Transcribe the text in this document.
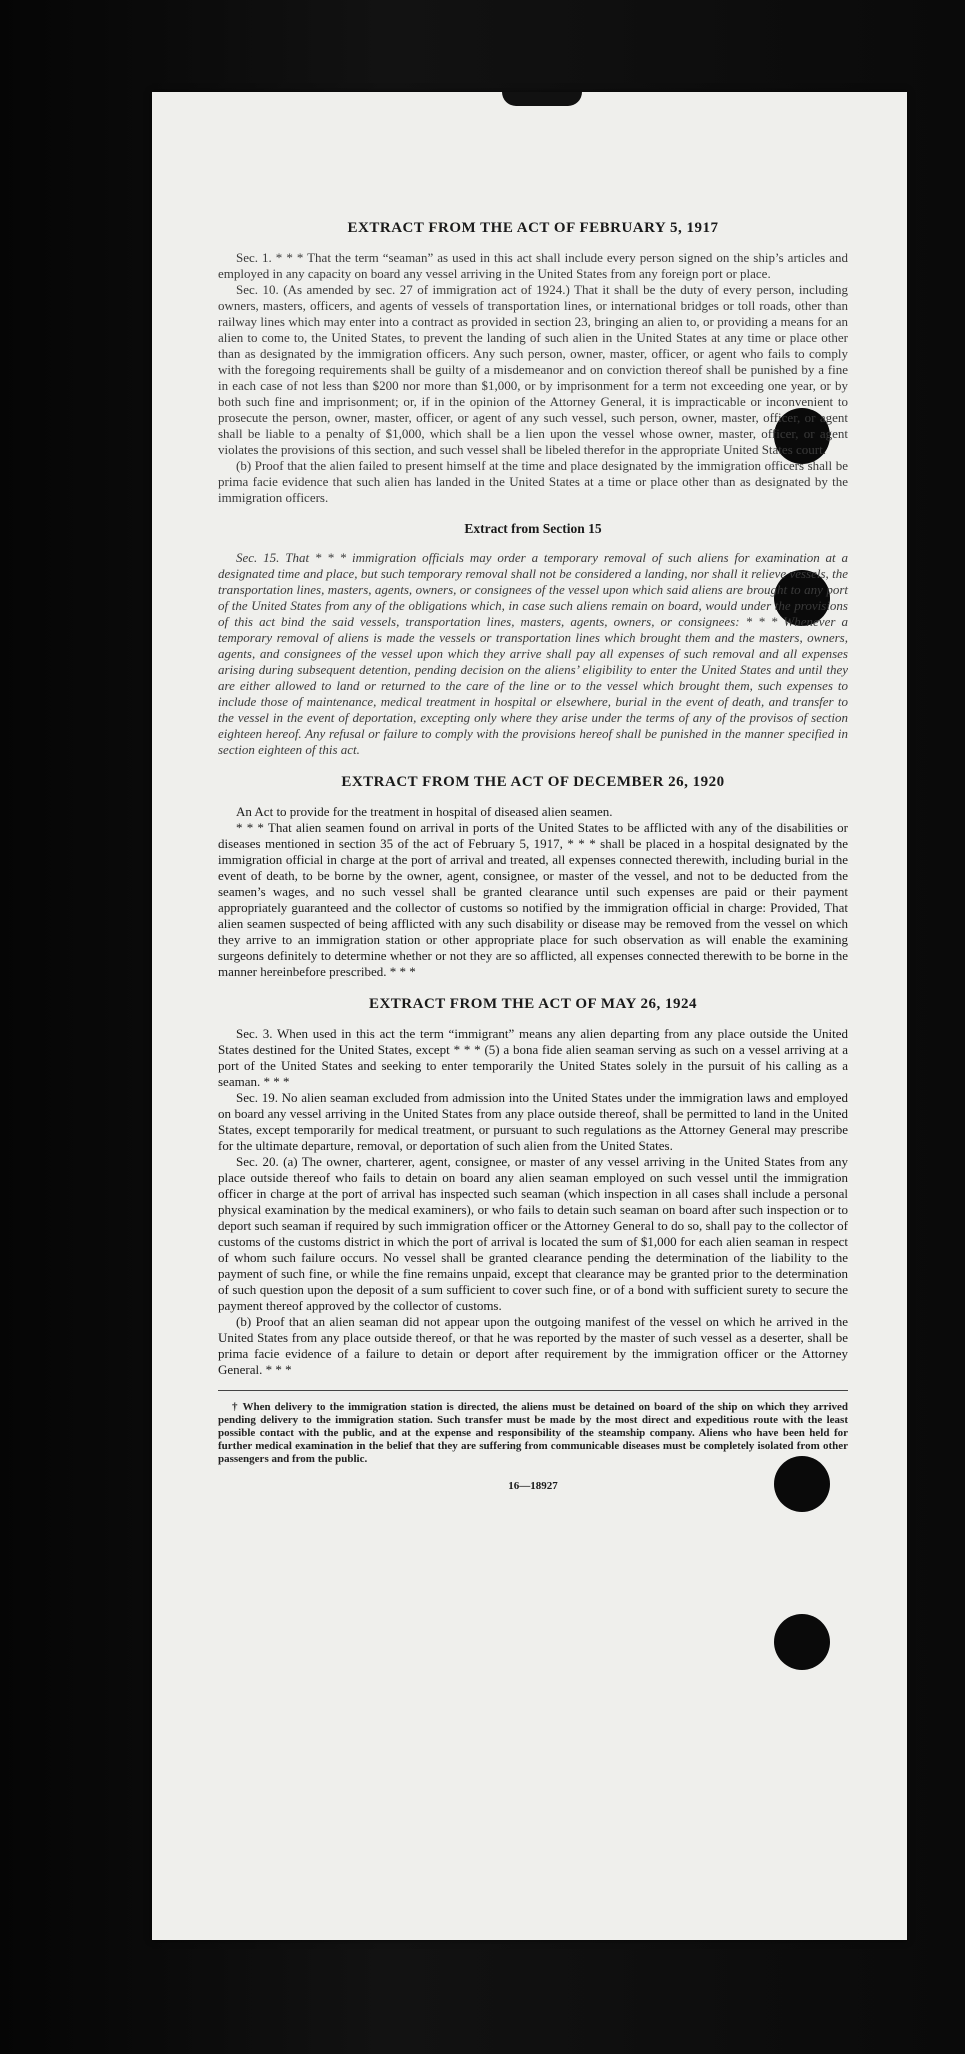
EXTRACT FROM THE ACT OF FEBRUARY 5, 1917

Sec. 1. * * * That the term “seaman” as used in this act shall include every person signed on the ship’s articles and employed in any capacity on board any vessel arriving in the United States from any foreign port or place.

Sec. 10. (As amended by sec. 27 of immigration act of 1924.) That it shall be the duty of every person, including owners, masters, officers, and agents of vessels of transportation lines, or international bridges or toll roads, other than railway lines which may enter into a contract as provided in section 23, bringing an alien to, or providing a means for an alien to come to, the United States, to prevent the landing of such alien in the United States at any time or place other than as designated by the immigration officers. Any such person, owner, master, officer, or agent who fails to comply with the foregoing requirements shall be guilty of a misdemeanor and on conviction thereof shall be punished by a fine in each case of not less than $200 nor more than $1,000, or by imprisonment for a term not exceeding one year, or by both such fine and imprisonment; or, if in the opinion of the Attorney General, it is impracticable or inconvenient to prosecute the person, owner, master, officer, or agent of any such vessel, such person, owner, master, officer, or agent shall be liable to a penalty of $1,000, which shall be a lien upon the vessel whose owner, master, officer, or agent violates the provisions of this section, and such vessel shall be libeled therefor in the appropriate United States court.

(b) Proof that the alien failed to present himself at the time and place designated by the immigration officers shall be prima facie evidence that such alien has landed in the United States at a time or place other than as designated by the immigration officers.

Extract from Section 15

Sec. 15. That * * * immigration officials may order a temporary removal of such aliens for examination at a designated time and place, but such temporary removal shall not be considered a landing, nor shall it relieve vessels, the transportation lines, masters, agents, owners, or consignees of the vessel upon which said aliens are brought to any port of the United States from any of the obligations which, in case such aliens remain on board, would under the provisions of this act bind the said vessels, transportation lines, masters, agents, owners, or consignees: * * * Whenever a temporary removal of aliens is made the vessels or transportation lines which brought them and the masters, owners, agents, and consignees of the vessel upon which they arrive shall pay all expenses of such removal and all expenses arising during subsequent detention, pending decision on the aliens’ eligibility to enter the United States and until they are either allowed to land or returned to the care of the line or to the vessel which brought them, such expenses to include those of maintenance, medical treatment in hospital or elsewhere, burial in the event of death, and transfer to the vessel in the event of deportation, excepting only where they arise under the terms of any of the provisos of section eighteen hereof. Any refusal or failure to comply with the provisions hereof shall be punished in the manner specified in section eighteen of this act.

EXTRACT FROM THE ACT OF DECEMBER 26, 1920

An Act to provide for the treatment in hospital of diseased alien seamen.

* * * That alien seamen found on arrival in ports of the United States to be afflicted with any of the disabilities or diseases mentioned in section 35 of the act of February 5, 1917, * * * shall be placed in a hospital designated by the immigration official in charge at the port of arrival and treated, all expenses connected therewith, including burial in the event of death, to be borne by the owner, agent, consignee, or master of the vessel, and not to be deducted from the seamen’s wages, and no such vessel shall be granted clearance until such expenses are paid or their payment appropriately guaranteed and the collector of customs so notified by the immigration official in charge: Provided, That alien seamen suspected of being afflicted with any such disability or disease may be removed from the vessel on which they arrive to an immigration station or other appropriate place for such observation as will enable the examining surgeons definitely to determine whether or not they are so afflicted, all expenses connected therewith to be borne in the manner hereinbefore prescribed. * * *

EXTRACT FROM THE ACT OF MAY 26, 1924

Sec. 3. When used in this act the term “immigrant” means any alien departing from any place outside the United States destined for the United States, except * * * (5) a bona fide alien seaman serving as such on a vessel arriving at a port of the United States and seeking to enter temporarily the United States solely in the pursuit of his calling as a seaman. * * *

Sec. 19. No alien seaman excluded from admission into the United States under the immigration laws and employed on board any vessel arriving in the United States from any place outside thereof, shall be permitted to land in the United States, except temporarily for medical treatment, or pursuant to such regulations as the Attorney General may prescribe for the ultimate departure, removal, or deportation of such alien from the United States.

Sec. 20. (a) The owner, charterer, agent, consignee, or master of any vessel arriving in the United States from any place outside thereof who fails to detain on board any alien seaman employed on such vessel until the immigration officer in charge at the port of arrival has inspected such seaman (which inspection in all cases shall include a personal physical examination by the medical examiners), or who fails to detain such seaman on board after such inspection or to deport such seaman if required by such immigration officer or the Attorney General to do so, shall pay to the collector of customs of the customs district in which the port of arrival is located the sum of $1,000 for each alien seaman in respect of whom such failure occurs. No vessel shall be granted clearance pending the determination of the liability to the payment of such fine, or while the fine remains unpaid, except that clearance may be granted prior to the determination of such question upon the deposit of a sum sufficient to cover such fine, or of a bond with sufficient surety to secure the payment thereof approved by the collector of customs.

(b) Proof that an alien seaman did not appear upon the outgoing manifest of the vessel on which he arrived in the United States from any place outside thereof, or that he was reported by the master of such vessel as a deserter, shall be prima facie evidence of a failure to detain or deport after requirement by the immigration officer or the Attorney General. * * *

† When delivery to the immigration station is directed, the aliens must be detained on board of the ship on which they arrived pending delivery to the immigration station. Such transfer must be made by the most direct and expeditious route with the least possible contact with the public, and at the expense and responsibility of the steamship company. Aliens who have been held for further medical examination in the belief that they are suffering from communicable diseases must be completely isolated from other passengers and from the public.

16—18927
